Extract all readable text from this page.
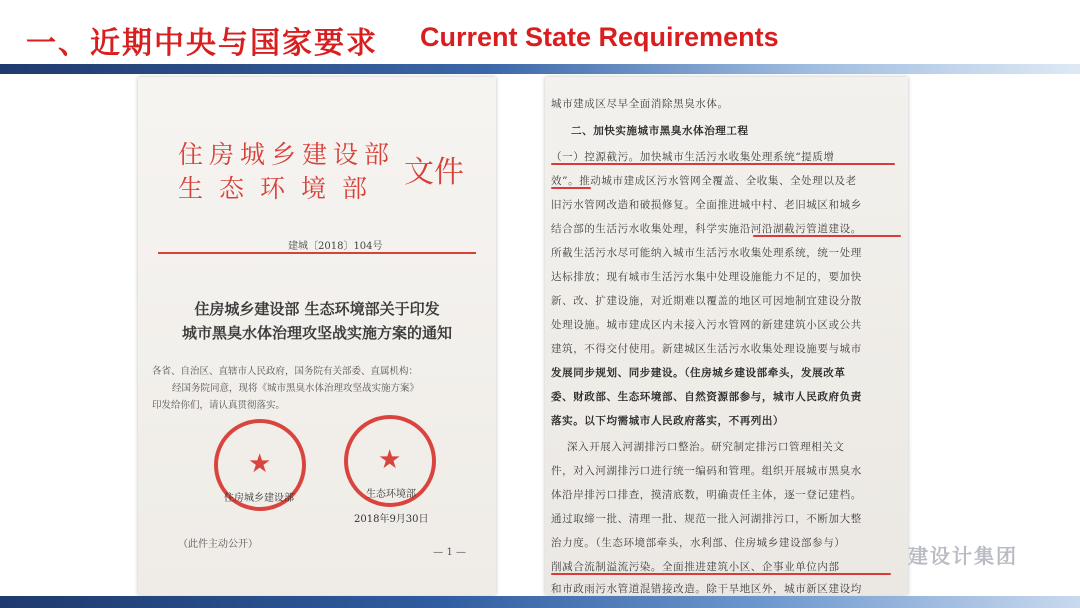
一、近期中央与国家要求 Current State Requirements
住房城乡建设部
生态环境部 文件
建城〔2018〕104号
住房城乡建设部 生态环境部关于印发
城市黑臭水体治理攻坚战实施方案的通知
各省、自治区、直辖市人民政府，国务院有关部委、直属机构：
经国务院同意，现将《城市黑臭水体治理攻坚战实施方案》
印发给你们，请认真贯彻落实。
★
★
住房城乡建设部	生态环境部
2018年9月30日
（此件主动公开）
— 1 —
城市建成区尽早全面消除黑臭水体。
二、加快实施城市黑臭水体治理工程
（一）控源截污。加快城市生活污水收集处理系统“提质增
效”。推动城市建成区污水管网全覆盖、全收集、全处理以及老
旧污水管网改造和破损修复。全面推进城中村、老旧城区和城乡
结合部的生活污水收集处理，科学实施沿河沿湖截污管道建设。
所截生活污水尽可能纳入城市生活污水收集处理系统，统一处理
达标排放；现有城市生活污水集中处理设施能力不足的，要加快
新、改、扩建设施，对近期难以覆盖的地区可因地制宜建设分散
处理设施。城市建成区内未接入污水管网的新建建筑小区或公共
建筑，不得交付使用。新建城区生活污水收集处理设施要与城市
发展同步规划、同步建设。（住房城乡建设部牵头，发展改革
委、财政部、生态环境部、自然资源部参与，城市人民政府负责
落实。以下均需城市人民政府落实，不再列出）
深入开展入河湖排污口整治。研究制定排污口管理相关文
件，对入河湖排污口进行统一编码和管理。组织开展城市黑臭水
体沿岸排污口排查，摸清底数，明确责任主体，逐一登记建档。
通过取缔一批、清理一批、规范一批入河湖排污口，不断加大整
治力度。（生态环境部牵头，水利部、住房城乡建设部参与）
削减合流制溢流污染。全面推进建筑小区、企事业单位内部
和市政雨污水管道混错接改造。除干旱地区外，城市新区建设均
建设计集团
